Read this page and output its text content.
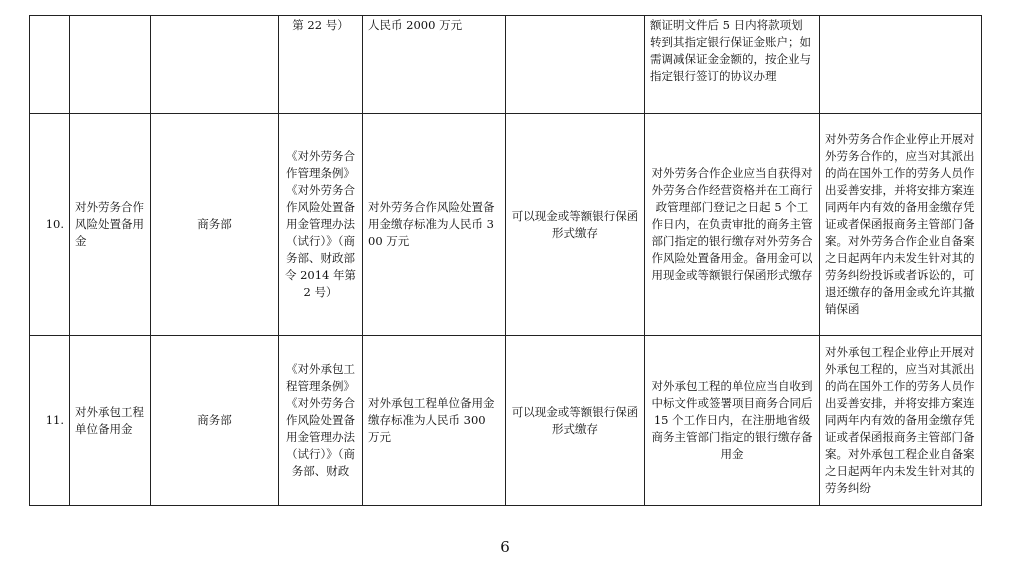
			第 22 号）	人民币 2000 万元		额证明文件后 5 日内将款项划转到其指定银行保证金账户；如需调减保证金金额的，按企业与指定银行签订的协议办理	
10.	对外劳务合作风险处置备用金	商务部	《对外劳务合作管理条例》《对外劳务合作风险处置备用金管理办法（试行）》（商务部、财政部令 2014 年第 2 号）	对外劳务合作风险处置备用金缴存标准为人民币 300 万元	可以现金或等额银行保函形式缴存	对外劳务合作企业应当自获得对外劳务合作经营资格并在工商行政管理部门登记之日起 5 个工作日内，在负责审批的商务主管部门指定的银行缴存对外劳务合作风险处置备用金。备用金可以用现金或等额银行保函形式缴存	对外劳务合作企业停止开展对外劳务合作的，应当对其派出的尚在国外工作的劳务人员作出妥善安排，并将安排方案连同两年内有效的备用金缴存凭证或者保函报商务主管部门备案。对外劳务合作企业自备案之日起两年内未发生针对其的劳务纠纷投诉或者诉讼的，可退还缴存的备用金或允许其撤销保函
11.	对外承包工程单位备用金	商务部	《对外承包工程管理条例》《对外劳务合作风险处置备用金管理办法（试行）》（商务部、财政	对外承包工程单位备用金缴存标准为人民币 300 万元	可以现金或等额银行保函形式缴存	对外承包工程的单位应当自收到中标文件或签署项目商务合同后 15 个工作日内，在注册地省级商务主管部门指定的银行缴存备用金	对外承包工程企业停止开展对外承包工程的，应当对其派出的尚在国外工作的劳务人员作出妥善安排，并将安排方案连同两年内有效的备用金缴存凭证或者保函报商务主管部门备案。对外承包工程企业自备案之日起两年内未发生针对其的劳务纠纷
6
